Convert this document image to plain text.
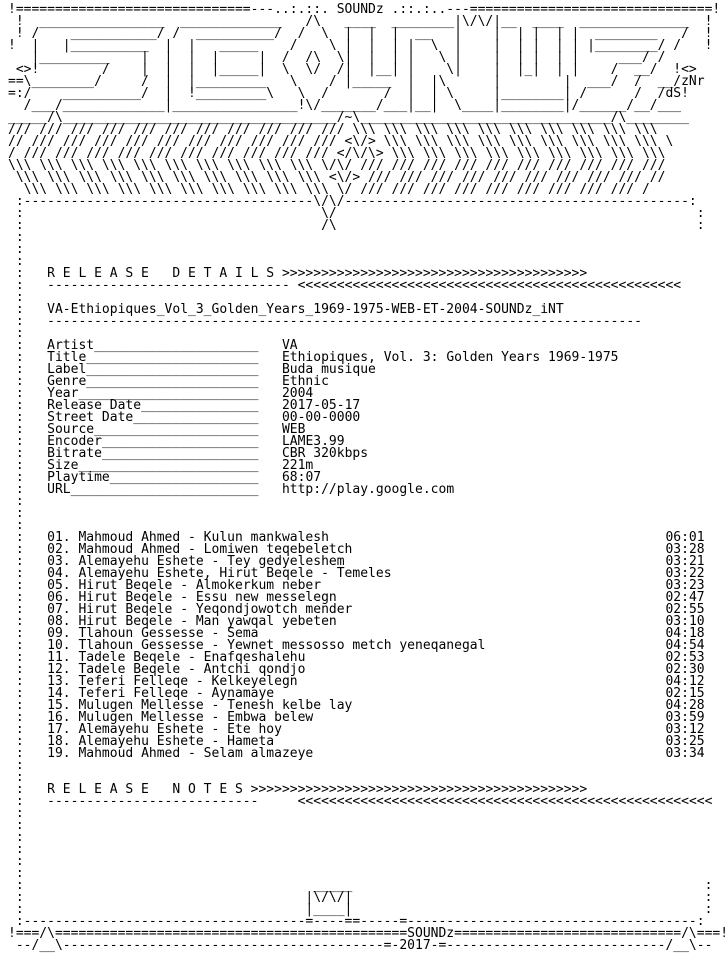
!==============================---..:.::. SOUNDz .::.:..---===============================!
!  ________________  _____________   /\   ____  ________|\/\/|__  ____  ______________  !
! /    ___________/ /  __________/  /  \  |  |  |  __   |    |  | |  | |  ________   /  !
!  |   |__________  |  |   _____    /    \ |  |  | |  \  |    |  | |  | | |________/ /   !
|_________    |  |  |  |     |  /  /\  \|  |  | |   \ |    |  | |  | |     ___/ /
<>!        /    |  |  |  |_____|  \  \/  /|  |__| |    \|    |  |_|  | |    /  __/  !<>
==\________/     /  |  |_________   \    / |_____  |  |\      |        |  ___/  /  __/zNr
=:/    __________/  |  !_________\   \  /       /  |  | \     |________| /      /  /dS!
/___/_____________|________________!\/_______/___|__|  \____|________|/______/__/___
_____/\___________________________________/~\________________________________/\________
/// /// /// /// /// /// /// /// /// /// /// \\\ \\\ \\\ \\\ \\\ \\\ \\\ \\\ \\\ \\\
// /// /// /// /// /// /// /// /// /// /// <\/> \\\ \\\ \\\ \\\ \\\ \\\ \\\ \\\ \\\ \
/ /// /// /// /// /// /// /// /// /// /// </\/\> \\\ \\\ \\\ \\\ \\\ \\\ \\\ \\\ \\\
\\\ \\\ \\\ \\\ \\\ \\\ \\\ \\\ \\\ \\\ \/\/ /// /// /// /// /// /// /// /// /// ///
\\\ \\\ \\\ \\\ \\\ \\\ \\\ \\\ \\\ \\\ <\/> /// /// /// /// /// /// /// /// /// //
\\\ \\\ \\\ \\\ \\\ \\\ \\\ \\\ \\\ \\\ \/ /// /// /// /// /// /// /// /// /// /
:-------------------------------------\/\/--------------------------------------------:
:                                      \/                                              :
:                                      /\                                              :
:
:
:
:   R E L E A S E   D E T A I L S >>>>>>>>>>>>>>>>>>>>>>>>>>>>>>>>>>>>>>>
:   ------------------------------- <<<<<<<<<<<<<<<<<<<<<<<<<<<<<<<<<<<<<<<<<<<<<<<<<
:
:   VA-Ethiopiques_Vol_3_Golden_Years_1969-1975-WEB-ET-2004-SOUNDz_iNT
:   ----------------------------------------------------------------------------
:
:   Artist_____________________ VA
:   Title______________________ Ethiopiques, Vol. 3: Golden Years 1969-1975
:   Label______________________ Buda musique
:   Genre______________________ Ethnic
:   Year_______________________ 2004
:   Release Date_______________ 2017-05-17
:   Street Date________________ 00-00-0000
:   Source_____________________ WEB
:   Encoder____________________ LAME3.99
:   Bitrate____________________ CBR 320kbps
:   Size_______________________ 221m
:   Playtime___________________ 68:07
:   URL________________________ http://play.google.com
:
:
:
:   01. Mahmoud Ahmed - Kulun mankwalesh	06:01
:   02. Mahmoud Ahmed - Lomiwen teqebeletch	03:28
:   03. Alemayehu Eshete - Tey gedyeleshem	03:21
:   04. Alemayehu Eshete, Hirut Beqele - Temeles	03:22
:   05. Hirut Beqele - Almokerkum neber	03:23
:   06. Hirut Beqele - Essu new messelegn	02:47
:   07. Hirut Beqele - Yeqondjowotch mender	02:55
:   08. Hirut Beqele - Man yawqal yebeten	03:10
:   09. Tlahoun Gessesse - Sema	04:18
:   10. Tlahoun Gessesse - Yewnet messosso metch yeneqanegal	04:54
:   11. Tadele Beqele - Enafqeshalehu	02:53
:   12. Tadele Beqele - Antchi qondjo	02:30
:   13. Teferi Felleqe - Kelkeyelegn	04:12
:   14. Teferi Felleqe - Aynamaye	02:15
:   15. Mulugen Mellesse - Tenesh kelbe lay	04:28
:   16. Mulugen Mellesse - Embwa belew	03:59
:   17. Alemayehu Eshete - Ete hoy	03:12
:   18. Alemayehu Eshete - Hameta	03:25
:   19. Mahmoud Ahmed - Selam almazeye	03:34
:
:
:   R E L E A S E   N O T E S >>>>>>>>>>>>>>>>>>>>>>>>>>>>>>>>>>>>>>>>>>>
:   ---------------------------	<<<<<<<<<<<<<<<<<<<<<<<<<<<<<<<<<<<<<<<<<<<<<<<<<<<<<
:
:
:
:
:
:
:                                     _____                                             :
:                                    |\/\/|                                             :
:                                    |____|                                             :
:------------------------------------=----==-----=-------------------------------------:
!===/\=============================================SOUNDz=============================/\===!
--/__\-----------------------------------------=-2017-=----------------------------/__\--
